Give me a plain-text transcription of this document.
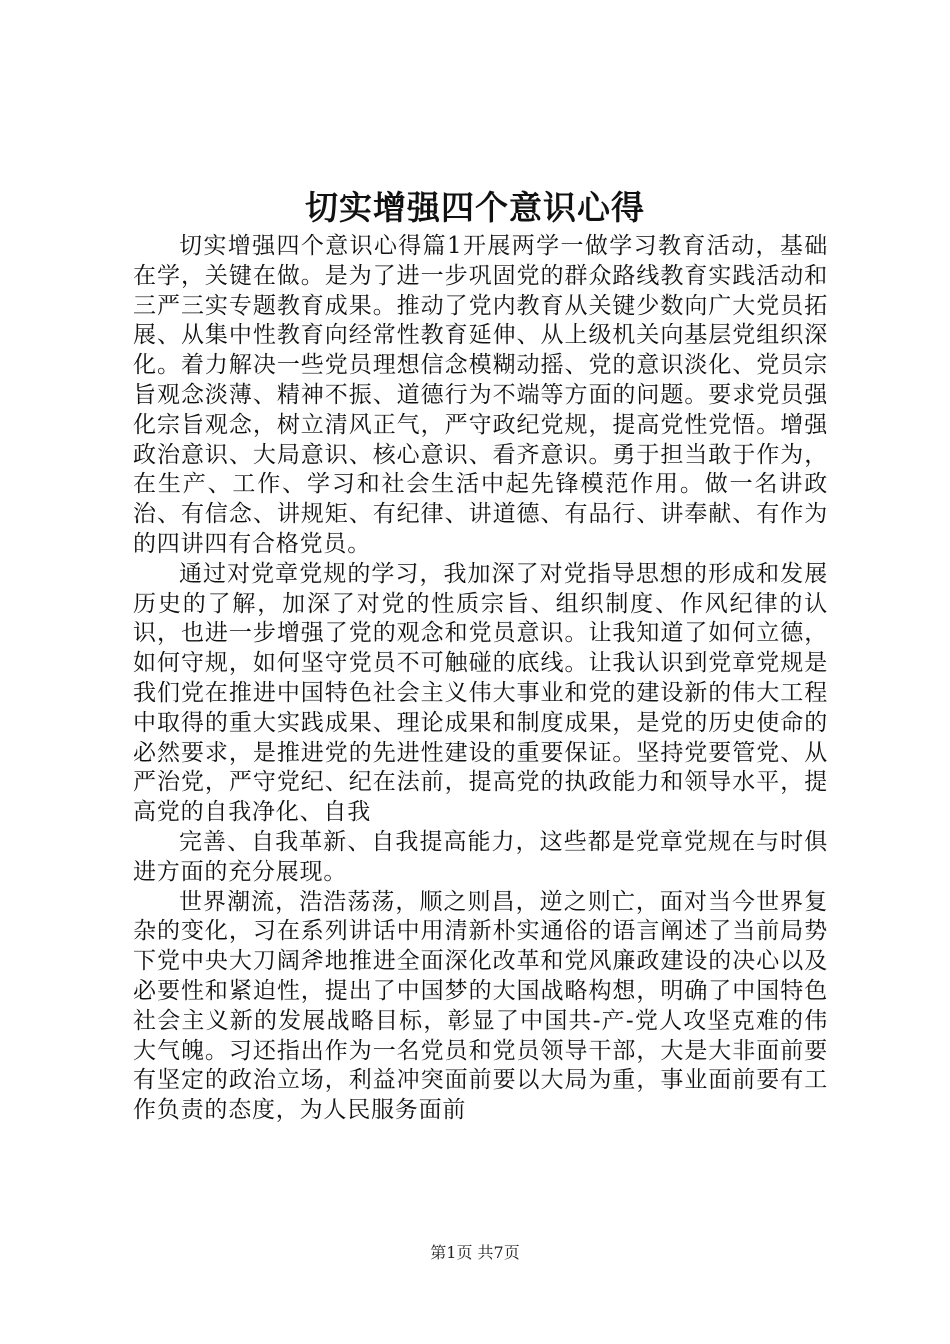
切实增强四个意识心得

切实增强四个意识心得篇1开展两学一做学习教育活动，基础在学，关键在做。是为了进一步巩固党的群众路线教育实践活动和三严三实专题教育成果。推动了党内教育从关键少数向广大党员拓展、从集中性教育向经常性教育延伸、从上级机关向基层党组织深化。着力解决一些党员理想信念模糊动摇、党的意识淡化、党员宗旨观念淡薄、精神不振、道德行为不端等方面的问题。要求党员强化宗旨观念，树立清风正气，严守政纪党规，提高党性党悟。增强政治意识、大局意识、核心意识、看齐意识。勇于担当敢于作为，在生产、工作、学习和社会生活中起先锋模范作用。做一名讲政治、有信念、讲规矩、有纪律、讲道德、有品行、讲奉献、有作为的四讲四有合格党员。

通过对党章党规的学习，我加深了对党指导思想的形成和发展历史的了解，加深了对党的性质宗旨、组织制度、作风纪律的认识，也进一步增强了党的观念和党员意识。让我知道了如何立德，如何守规，如何坚守党员不可触碰的底线。让我认识到党章党规是我们党在推进中国特色社会主义伟大事业和党的建设新的伟大工程中取得的重大实践成果、理论成果和制度成果，是党的历史使命的必然要求，是推进党的先进性建设的重要保证。坚持党要管党、从严治党，严守党纪、纪在法前，提高党的执政能力和领导水平，提高党的自我净化、自我

完善、自我革新、自我提高能力，这些都是党章党规在与时俱进方面的充分展现。

世界潮流，浩浩荡荡，顺之则昌，逆之则亡，面对当今世界复杂的变化，习在系列讲话中用清新朴实通俗的语言阐述了当前局势下党中央大刀阔斧地推进全面深化改革和党风廉政建设的决心以及必要性和紧迫性，提出了中国梦的大国战略构想，明确了中国特色社会主义新的发展战略目标，彰显了中国共-产-党人攻坚克难的伟大气魄。习还指出作为一名党员和党员领导干部，大是大非面前要有坚定的政治立场，利益冲突面前要以大局为重，事业面前要有工作负责的态度，为人民服务面前

第1页 共7页
